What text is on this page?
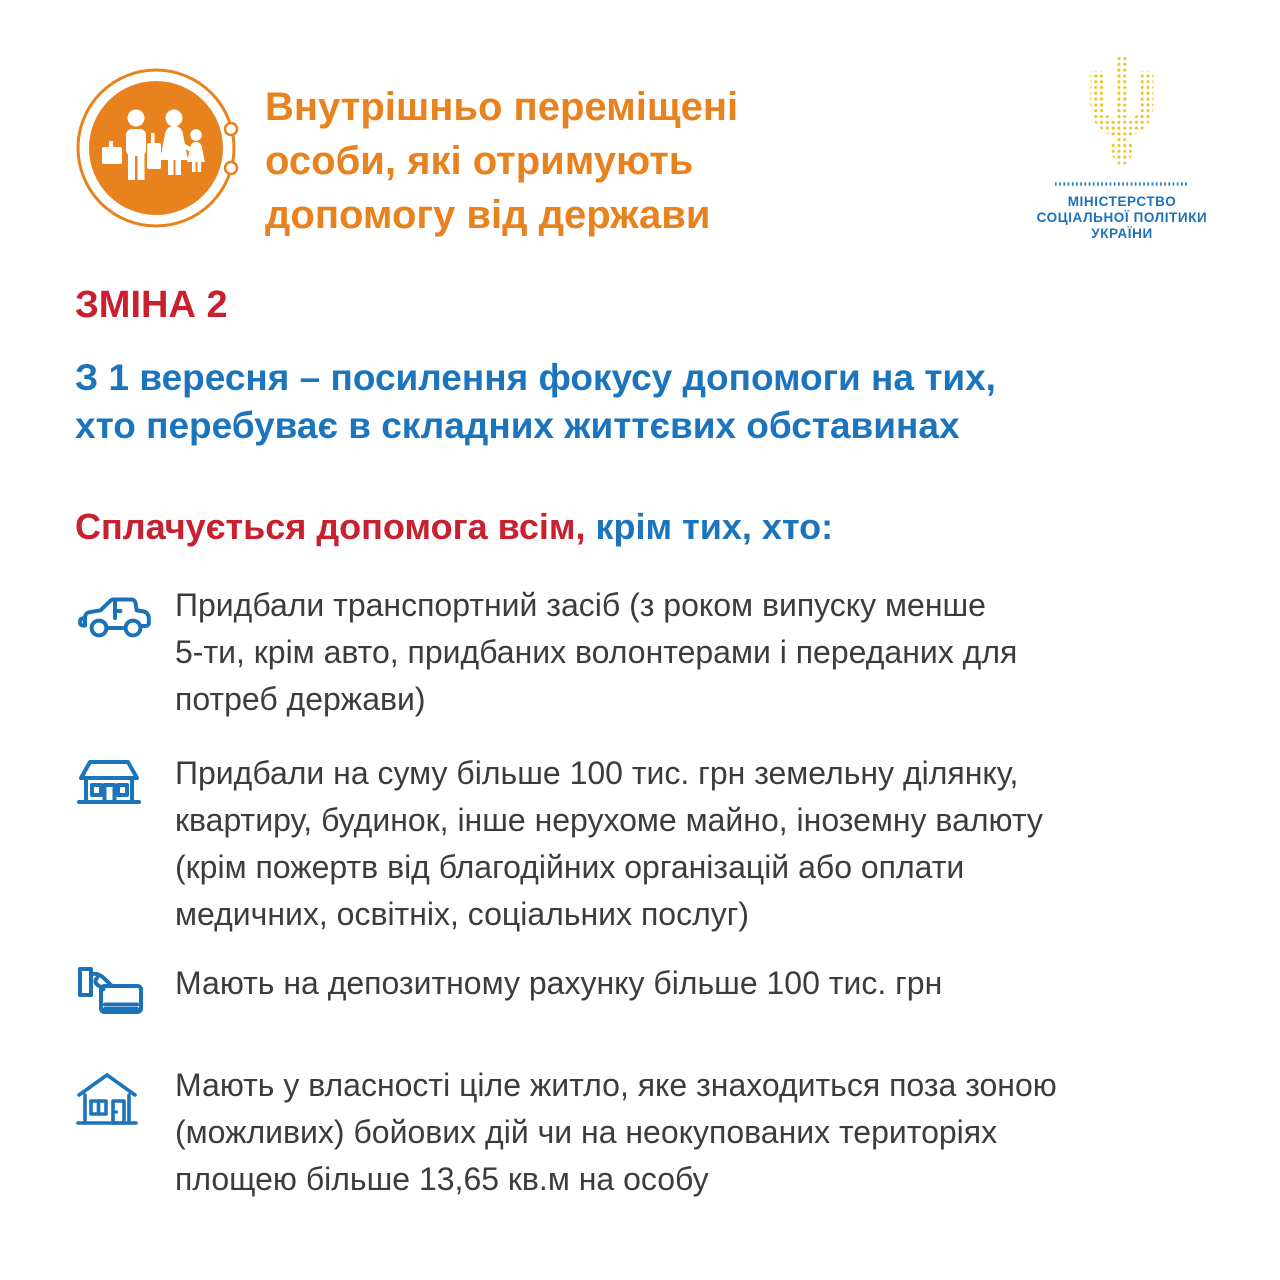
Внутрішньо переміщені
особи, які отримують
допомогу від держави	МІНІСТЕРСТВО
СОЦІАЛЬНОЇ ПОЛІТИКИ
УКРАЇНИ
ЗМІНА 2
З 1 вересня – посилення фокусу допомоги на тих,
хто перебуває в складних життєвих обставинах
Сплачується допомога всім, крім тих, хто:
Придбали транспортний засіб (з роком випуску менше
5-ти, крім авто, придбаних волонтерами і переданих для
потреб держави)
Придбали на суму більше 100 тис. грн земельну ділянку,
квартиру, будинок, інше нерухоме майно, іноземну валюту
(крім пожертв від благодійних організацій або оплати
медичних, освітніх, соціальних послуг)
Мають на депозитному рахунку більше 100 тис. грн
Мають у власності ціле житло, яке знаходиться поза зоною
(можливих) бойових дій чи на неокупованих територіях
площею більше 13,65 кв.м на особу
